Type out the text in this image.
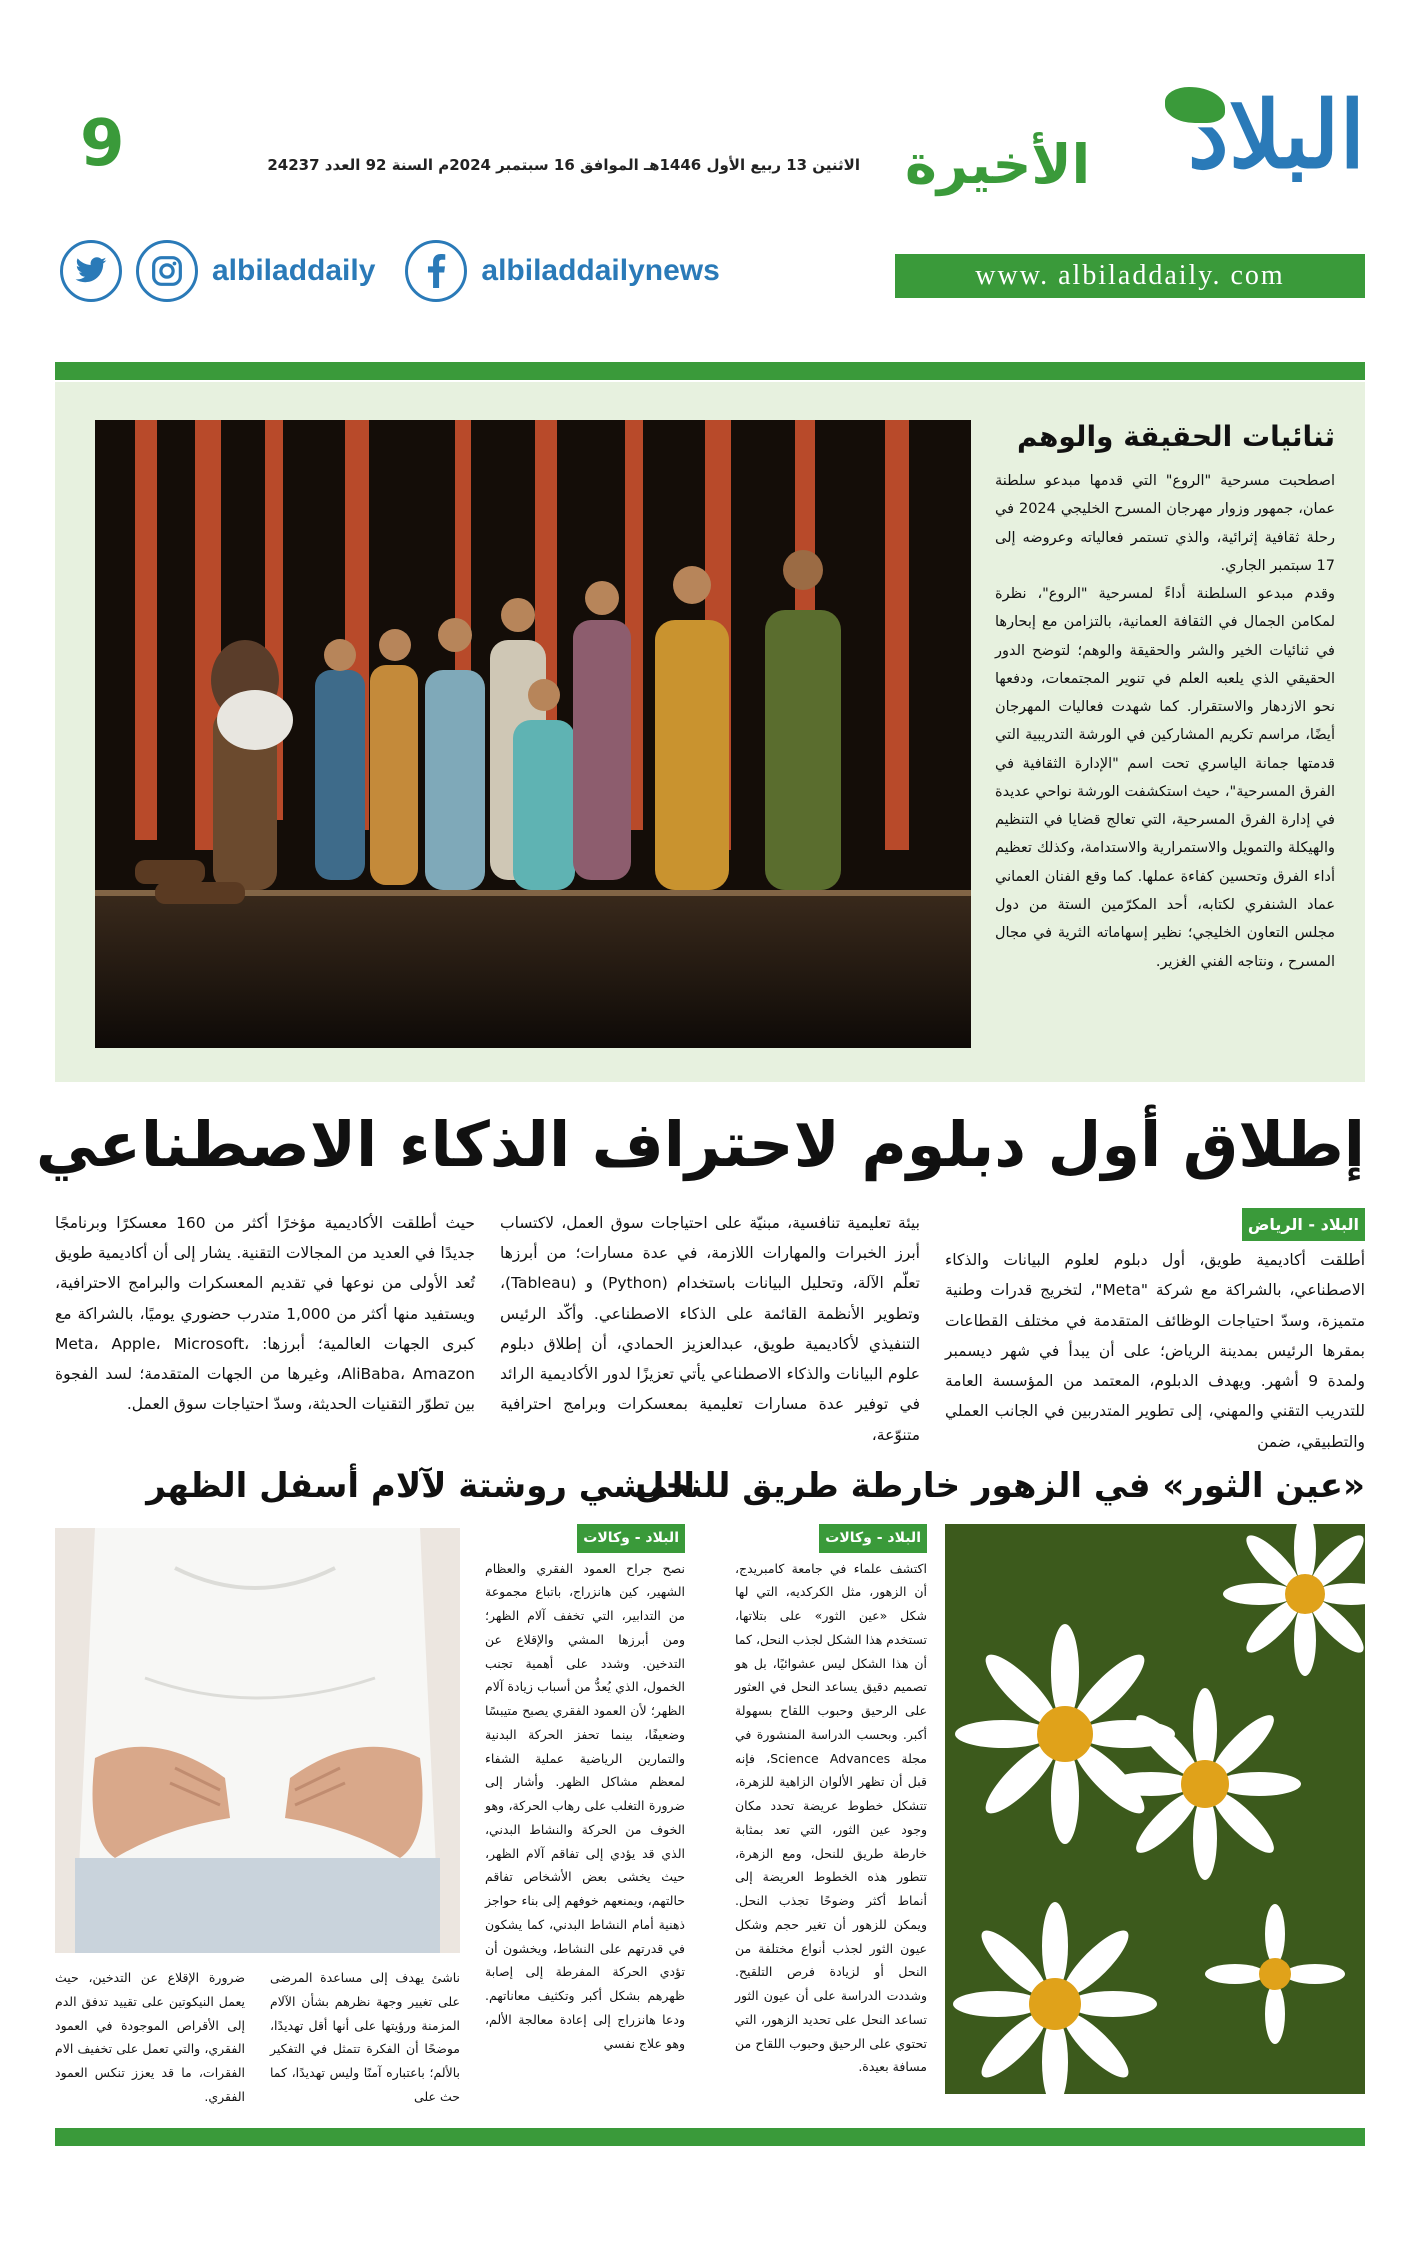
9	الاثنين 13 ربيع الأول 1446هـ الموافق 16 سبتمبر 2024م السنة 92 العدد 24237	البلاد
الأخيرة
albiladdaily	albiladdailynews	www. albiladdaily. com
ثنائيات الحقيقة والوهم

اصطحبت مسرحية "الروع" التي قدمها مبدعو سلطنة عمان، جمهور وزوار مهرجان المسرح الخليجي 2024 في رحلة ثقافية إثرائية، والذي تستمر فعالياته وعروضه إلى 17 سبتمبر الجاري.

وقدم مبدعو السلطنة أداءً لمسرحية "الروع"، نظرة لمكامن الجمال في الثقافة العمانية، بالتزامن مع إبحارها في ثنائيات الخير والشر والحقيقة والوهم؛ لتوضح الدور الحقيقي الذي يلعبه العلم في تنوير المجتمعات، ودفعها نحو الازدهار والاستقرار. كما شهدت فعاليات المهرجان أيضًا، مراسم تكريم المشاركين في الورشة التدريبية التي قدمتها جمانة الياسري تحت اسم "الإدارة الثقافية في الفرق المسرحية"، حيث استكشفت الورشة نواحي عديدة في إدارة الفرق المسرحية، التي تعالج قضايا في التنظيم والهيكلة والتمويل والاستمرارية والاستدامة، وكذلك تعظيم أداء الفرق وتحسين كفاءة عملها. كما وقع الفنان العماني عماد الشنفري لكتابه، أحد المكرّمين الستة من دول مجلس التعاون الخليجي؛ نظير إسهاماته الثرية في مجال المسرح ، ونتاجه الفني الغزير.

إطلاق أول دبلوم لاحتراف الذكاء الاصطناعي
البلاد - الرياض

أطلقت أكاديمية طويق، أول دبلوم لعلوم البيانات والذكاء الاصطناعي، بالشراكة مع شركة "Meta"، لتخريج قدرات وطنية متميزة، وسدّ احتياجات الوظائف المتقدمة في مختلف القطاعات بمقرها الرئيس بمدينة الرياض؛ على أن يبدأ في شهر ديسمبر ولمدة 9 أشهر. ويهدف الدبلوم، المعتمد من المؤسسة العامة للتدريب التقني والمهني، إلى تطوير المتدربين في الجانب العملي والتطبيقي، ضمن

بيئة تعليمية تنافسية، مبنيّة على احتياجات سوق العمل، لاكتساب أبرز الخبرات والمهارات اللازمة، في عدة مسارات؛ من أبرزها تعلّم الآلة، وتحليل البيانات باستخدام (Python) و (Tableau)، وتطوير الأنظمة القائمة على الذكاء الاصطناعي. وأكّد الرئيس التنفيذي لأكاديمية طويق، عبدالعزيز الحمادي، أن إطلاق دبلوم علوم البيانات والذكاء الاصطناعي يأتي تعزيزًا لدور الأكاديمية الرائد في توفير عدة مسارات تعليمية بمعسكرات وبرامج احترافية متنوّعة،

حيث أطلقت الأكاديمية مؤخرًا أكثر من 160 معسكرًا وبرنامجًا جديدًا في العديد من المجالات التقنية. يشار إلى أن أكاديمية طويق تُعد الأولى من نوعها في تقديم المعسكرات والبرامج الاحترافية، ويستفيد منها أكثر من 1,000 متدرب حضوري يوميًا، بالشراكة مع كبرى الجهات العالمية؛ أبرزها: Meta، Apple، Microsoft، AliBaba، Amazon، وغيرها من الجهات المتقدمة؛ لسد الفجوة بين تطوّر التقنيات الحديثة، وسدّ احتياجات سوق العمل.

«عين الثور» في الزهور خارطة طريق للنحل
البلاد - وكالات

اكتشف علماء في جامعة كامبريدج، أن الزهور، مثل الكركديه، التي لها شكل «عين الثور» على بتلاتها، تستخدم هذا الشكل لجذب النحل، كما أن هذا الشكل ليس عشوائيًا، بل هو تصميم دقيق يساعد النحل في العثور على الرحيق وحبوب اللقاح بسهولة أكبر. وبحسب الدراسة المنشورة في مجلة Science Advances، فإنه قبل أن تظهر الألوان الزاهية للزهرة، تتشكل خطوط عريضة تحدد مكان وجود عين الثور، التي تعد بمثابة خارطة طريق للنحل، ومع الزهرة، تتطور هذه الخطوط العريضة إلى أنماط أكثر وضوحًا تجذب النحل. ويمكن للزهور أن تغير حجم وشكل عيون الثور لجذب أنواع مختلفة من النحل أو لزيادة فرص التلقيح. وشددت الدراسة على أن عيون الثور تساعد النحل على تحديد الزهور، التي تحتوي على الرحيق وحبوب اللقاح من مسافة بعيدة.

المشي روشتة لآلام أسفل الظهر
البلاد - وكالات

نصح جراح العمود الفقري والعظام الشهير، كين هانزراج، باتباع مجموعة من التدابير، التي تخفف آلام الظهر؛ ومن أبرزها المشي والإقلاع عن التدخين. وشدد على أهمية تجنب الخمول، الذي يُعدُّ من أسباب زيادة آلام الظهر؛ لأن العمود الفقري يصبح متيبسًا وضعيفًا، بينما تحفز الحركة البدنية والتمارين الرياضية عملية الشفاء لمعظم مشاكل الظهر. وأشار إلى ضرورة التغلب على رهاب الحركة، وهو الخوف من الحركة والنشاط البدني، الذي قد يؤدي إلى تفاقم آلام الظهر، حيث يخشى بعض الأشخاص تفاقم حالتهم، ويمنعهم خوفهم إلى بناء حواجز ذهنية أمام النشاط البدني، كما يشكون في قدرتهم على النشاط، ويخشون أن تؤدي الحركة المفرطة إلى إصابة ظهرهم بشكل أكبر وتكثيف معاناتهم. ودعا هانزراج إلى إعادة معالجة الألم، وهو علاج نفسي

ناشئ يهدف إلى مساعدة المرضى على تغيير وجهة نظرهم بشأن الآلام المزمنة ورؤيتها على أنها أقل تهديدًا، موضحًا أن الفكرة تتمثل في التفكير بالألم؛ باعتباره آمنًا وليس تهديدًا، كما حث على

ضرورة الإقلاع عن التدخين، حيث يعمل النيكوتين على تقييد تدفق الدم إلى الأقراص الموجودة في العمود الفقري، والتي تعمل على تخفيف الام الفقرات، ما قد يعزز تنكس العمود الفقري.
